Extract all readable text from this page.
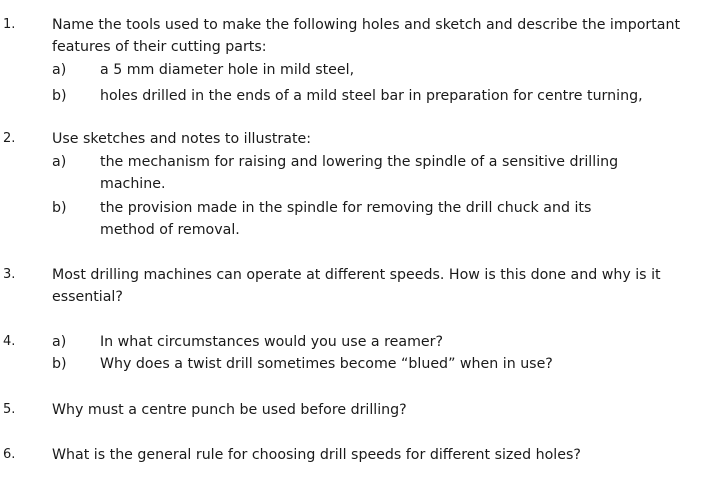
1.	Name the tools used to make the following holes and sketch and describe the important features of their cutting parts:

a) a 5 mm diameter hole in mild steel,
b) holes drilled in the ends of a mild steel bar in preparation for centre turning,
2.	Use sketches and notes to illustrate:

a) the mechanism for raising and lowering the spindle of a sensitive drilling machine.
b) the provision made in the spindle for removing the drill chuck and its method of removal.
3.	Most drilling machines can operate at different speeds. How is this done and why is it essential?

4.	a) In what circumstances would you use a reamer?
b) Why does a twist drill sometimes become “blued” when in use?
5.	Why must a centre punch be used before drilling?

6.	What is the general rule for choosing drill speeds for different sized holes?
